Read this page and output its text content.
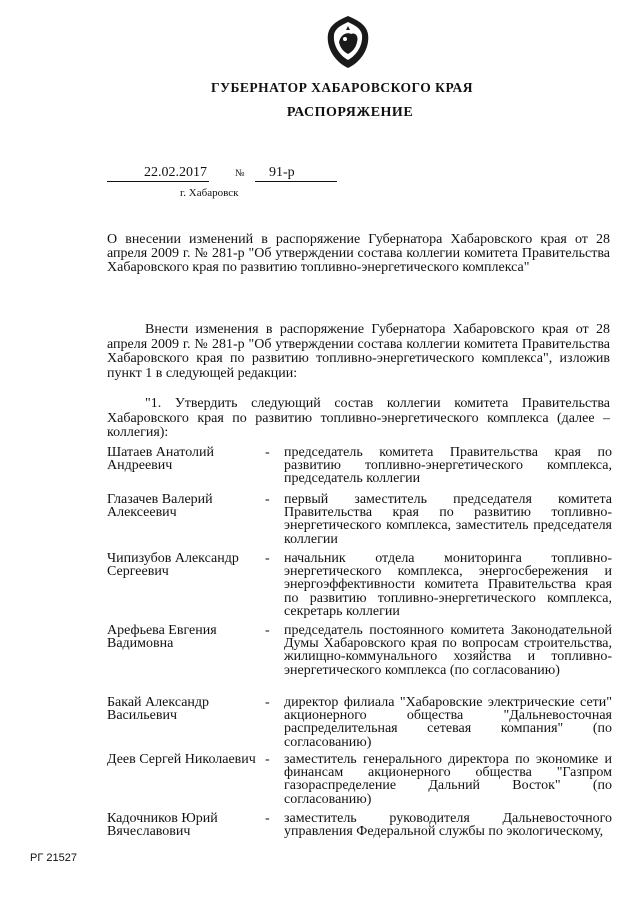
ГУБЕРНАТОР ХАБАРОВСКОГО КРАЯ
РАСПОРЯЖЕНИЕ
22.02.2017	№	91-р
г. Хабаровск
О внесении изменений в распоряжение Губернатора Хабаровского края от 28 апреля 2009 г. № 281-р "Об утверждении состава коллегии комитета Правительства Хабаровского края по развитию топливно-энергетического комплекса"
Внести изменения в распоряжение Губернатора Хабаровского края от 28 апреля 2009 г. № 281-р "Об утверждении состава коллегии комитета Правительства Хабаровского края по развитию топливно-энергетического комплекса", изложив пункт 1 в следующей редакции:
"1. Утвердить следующий состав коллегии комитета Правительства Хабаровского края по развитию топливно-энергетического комплекса (далее – коллегия):
Шатаев Анатолий Андреевич
-	председатель комитета Правительства края по развитию топливно-энергетического комплекса, председатель коллегии
Глазачев Валерий Алексеевич
-	первый заместитель председателя комитета Правительства края по развитию топливно-энергетического комплекса, заместитель председателя коллегии
Чипизубов Александр Сергеевич
-	начальник отдела мониторинга топливно-энергетического комплекса, энергосбережения и энергоэффективности комитета Правительства края по развитию топливно-энергетического комплекса, секретарь коллегии
Арефьева Евгения Вадимовна
-	председатель постоянного комитета Законодательной Думы Хабаровского края по вопросам строительства, жилищно-коммунального хозяйства и топливно-энергетического комплекса (по согласованию)
Бакай Александр Васильевич
-	директор филиала "Хабаровские электрические сети" акционерного общества "Дальневосточная распределительная сетевая компания" (по согласованию)
Деев Сергей Николаевич -	заместитель генерального директора по экономике и финансам акционерного общества "Газпром газораспределение Дальний Восток" (по согласованию)
Кадочников Юрий Вячеславович
-	заместитель руководителя Дальневосточного управления Федеральной службы по экологическому,
РГ 21527
